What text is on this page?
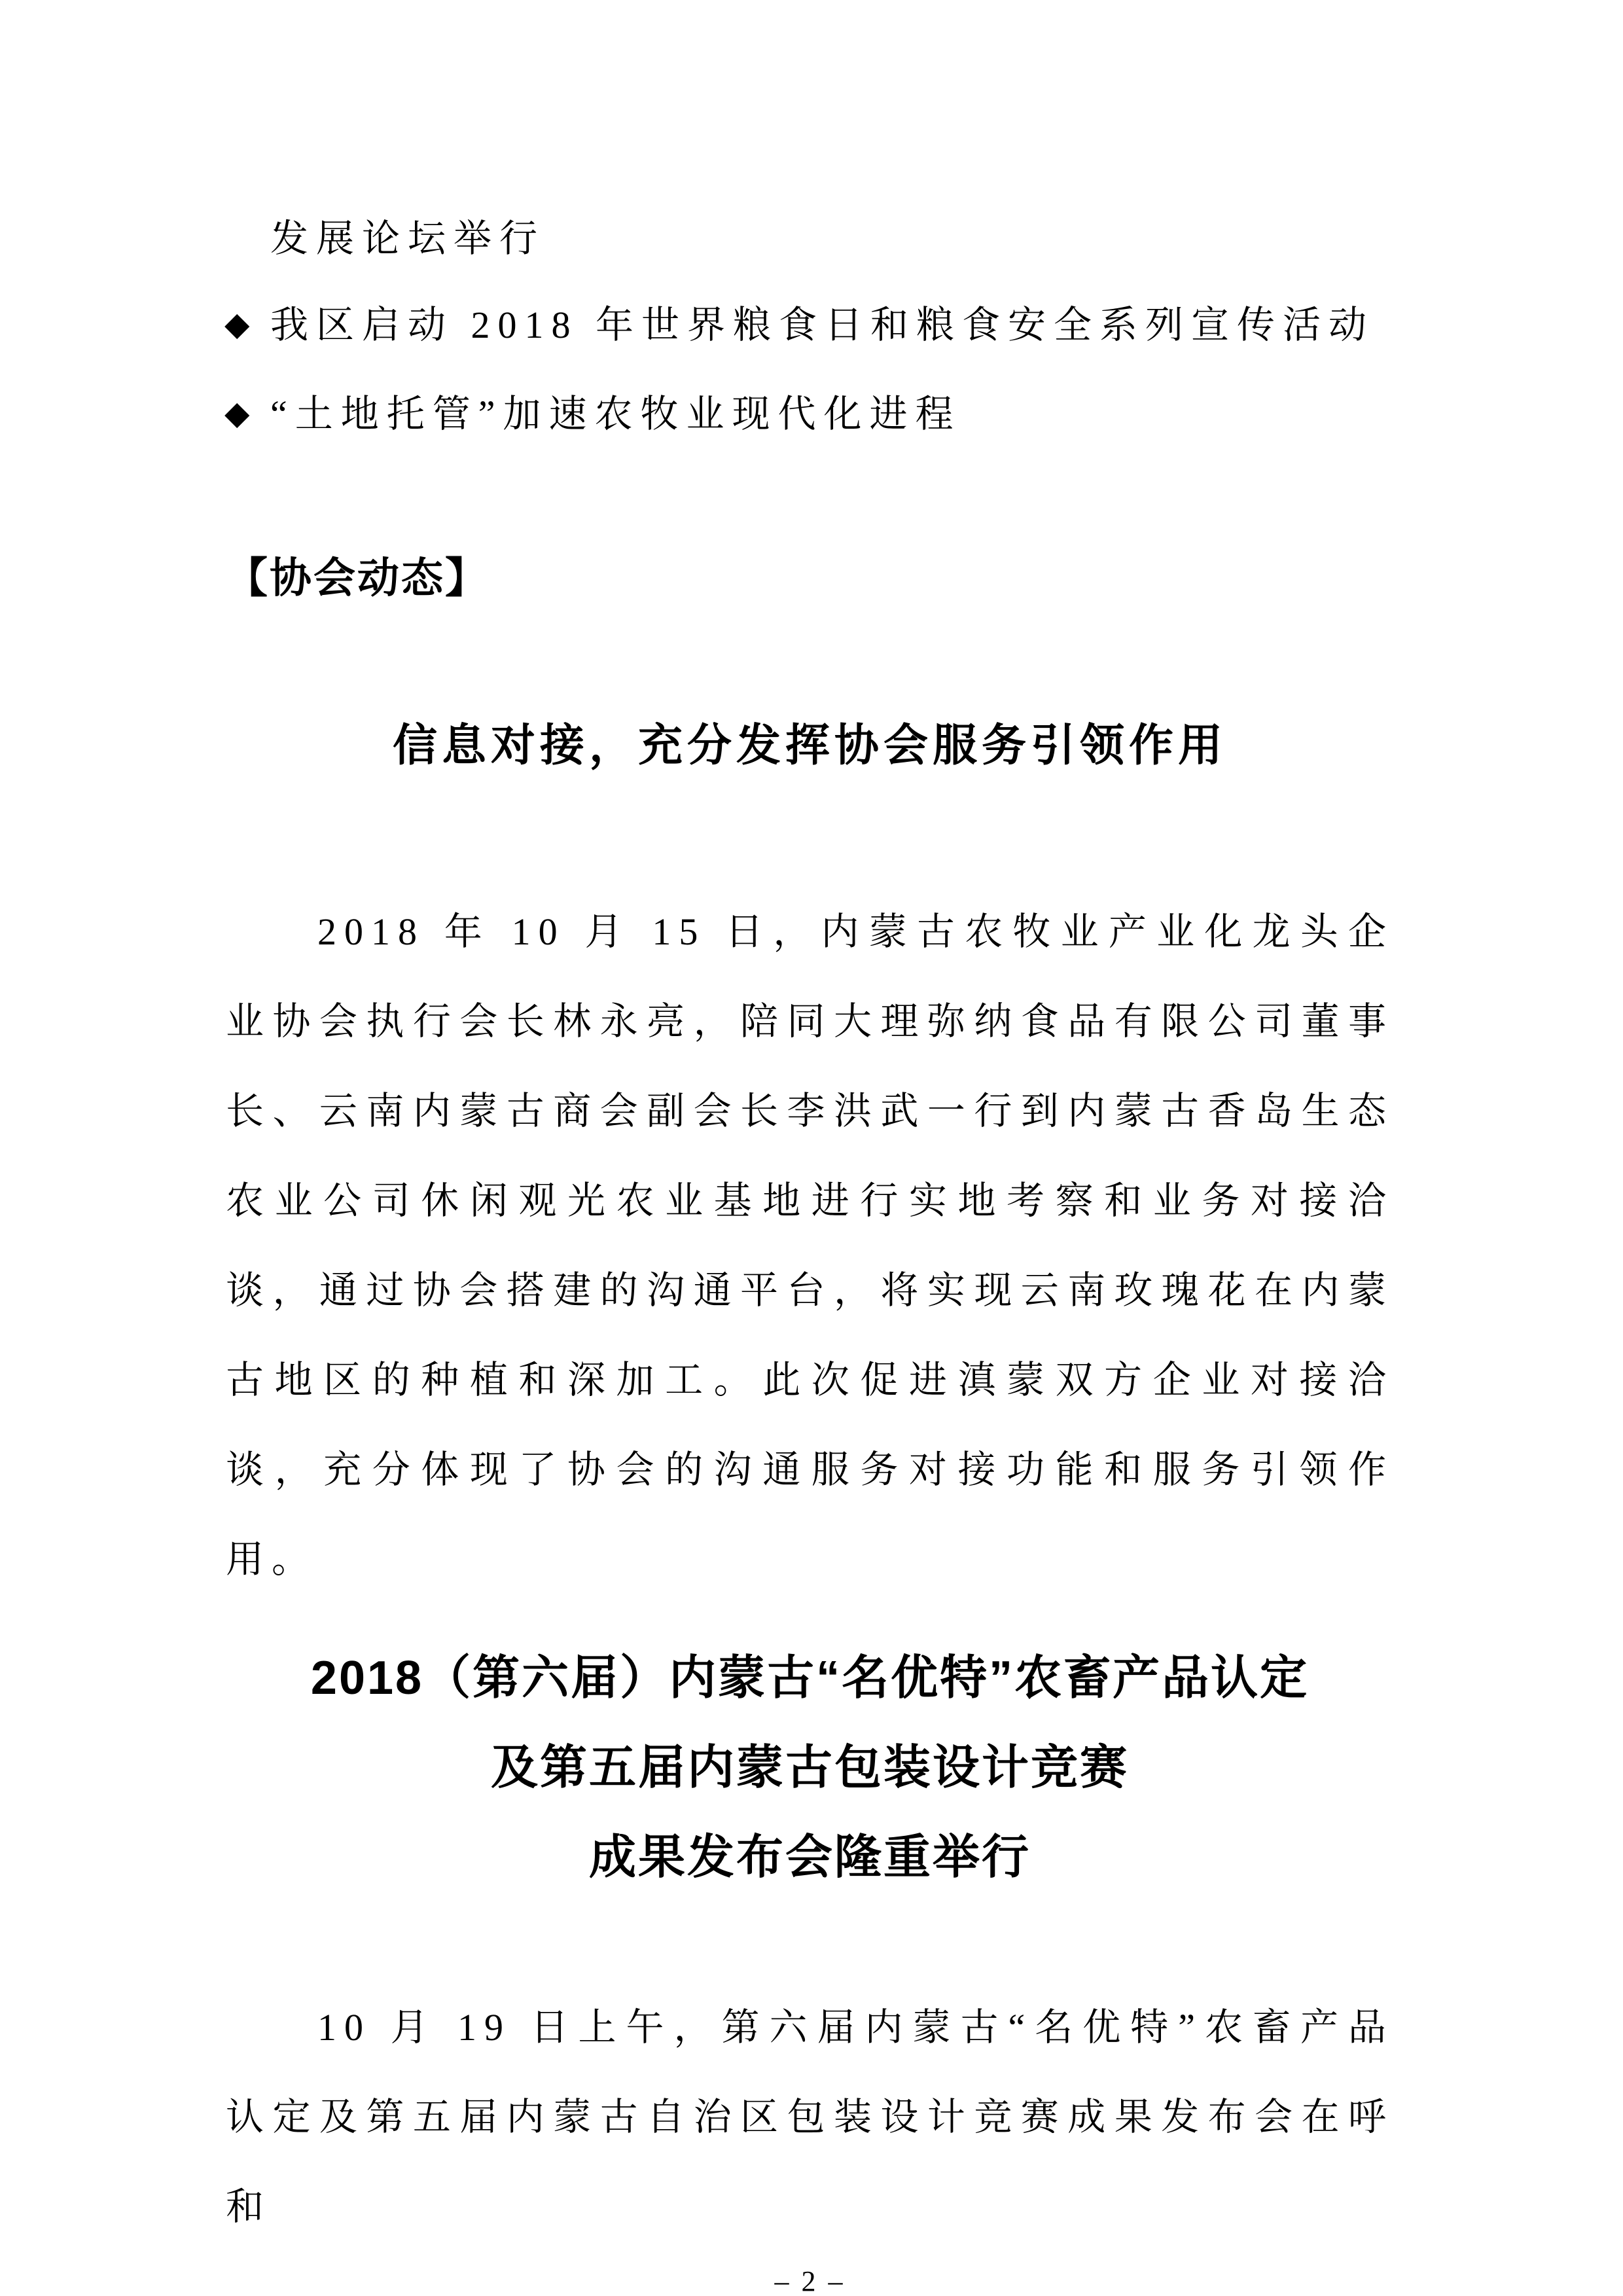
发展论坛举行
◆ 我区启动 2018 年世界粮食日和粮食安全系列宣传活动
◆ “土地托管”加速农牧业现代化进程
【协会动态】
信息对接，充分发挥协会服务引领作用
2018 年 10 月 15 日，内蒙古农牧业产业化龙头企业协会执行会长林永亮，陪同大理弥纳食品有限公司董事长、云南内蒙古商会副会长李洪武一行到内蒙古香岛生态农业公司休闲观光农业基地进行实地考察和业务对接洽谈，通过协会搭建的沟通平台，将实现云南玫瑰花在内蒙古地区的种植和深加工。此次促进滇蒙双方企业对接洽谈，充分体现了协会的沟通服务对接功能和服务引领作用。
2018（第六届）内蒙古“名优特”农畜产品认定
及第五届内蒙古包装设计竞赛
成果发布会隆重举行
10 月 19 日上午，第六届内蒙古“名优特”农畜产品认定及第五届内蒙古自治区包装设计竞赛成果发布会在呼和
– 2 –
